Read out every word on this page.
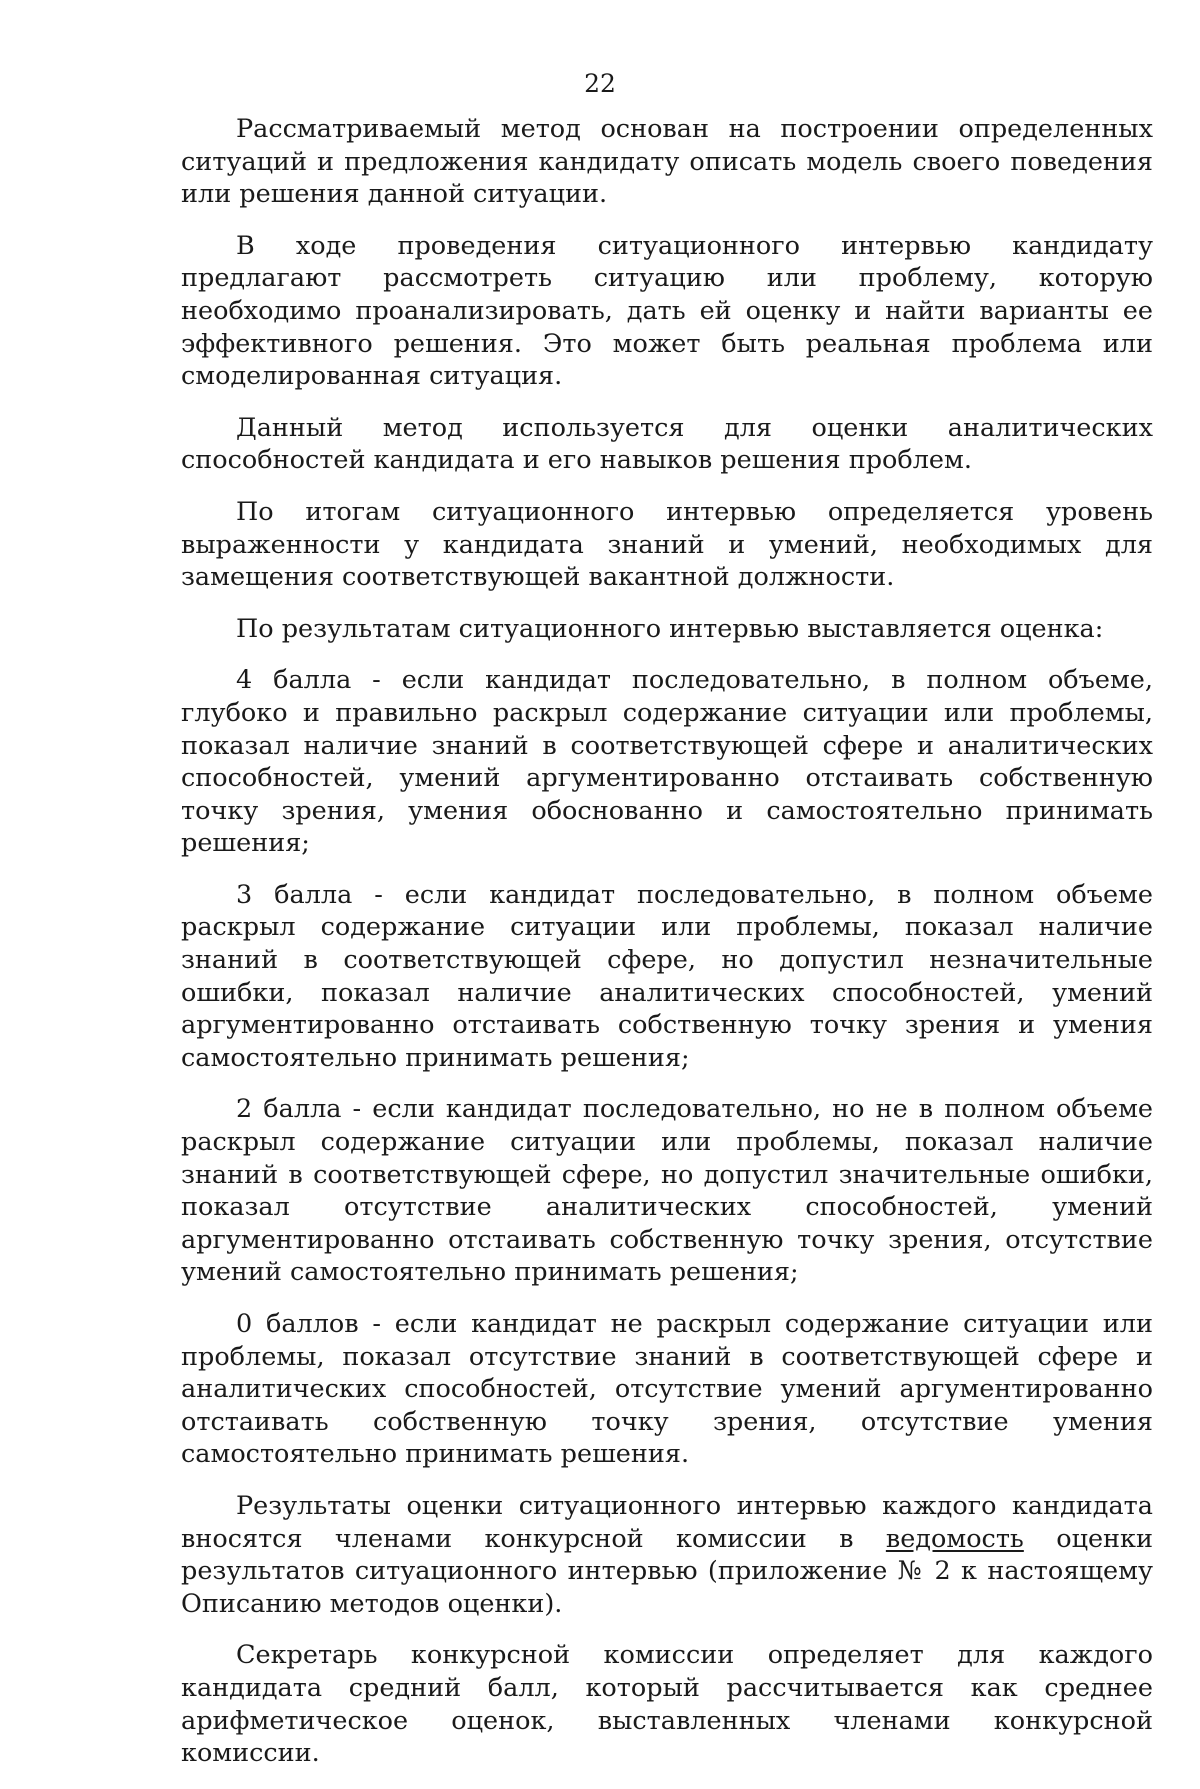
22

Рассматриваемый метод основан на построении определенных ситуаций и предложения кандидату описать модель своего поведения или решения данной ситуации.

В ходе проведения ситуационного интервью кандидату предлагают рассмотреть ситуацию или проблему, которую необходимо проанализировать, дать ей оценку и найти варианты ее эффективного решения. Это может быть реальная проблема или смоделированная ситуация.

Данный метод используется для оценки аналитических способностей кандидата и его навыков решения проблем.

По итогам ситуационного интервью определяется уровень выраженности у кандидата знаний и умений, необходимых для замещения соответствующей вакантной должности.

По результатам ситуационного интервью выставляется оценка:

4 балла - если кандидат последовательно, в полном объеме, глубоко и правильно раскрыл содержание ситуации или проблемы, показал наличие знаний в соответствующей сфере и аналитических способностей, умений аргументированно отстаивать собственную точку зрения, умения обоснованно и самостоятельно принимать решения;

3 балла - если кандидат последовательно, в полном объеме раскрыл содержание ситуации или проблемы, показал наличие знаний в соответствующей сфере, но допустил незначительные ошибки, показал наличие аналитических способностей, умений аргументированно отстаивать собственную точку зрения и умения самостоятельно принимать решения;

2 балла - если кандидат последовательно, но не в полном объеме раскрыл содержание ситуации или проблемы, показал наличие знаний в соответствующей сфере, но допустил значительные ошибки, показал отсутствие аналитических способностей, умений аргументированно отстаивать собственную точку зрения, отсутствие умений самостоятельно принимать решения;

0 баллов - если кандидат не раскрыл содержание ситуации или проблемы, показал отсутствие знаний в соответствующей сфере и аналитических способностей, отсутствие умений аргументированно отстаивать собственную точку зрения, отсутствие умения самостоятельно принимать решения.

Результаты оценки ситуационного интервью каждого кандидата вносятся членами конкурсной комиссии в ведомость оценки результатов ситуационного интервью (приложение № 2 к настоящему Описанию методов оценки).

Секретарь конкурсной комиссии определяет для каждого кандидата средний балл, который рассчитывается как среднее арифметическое оценок, выставленных членами конкурсной комиссии.
